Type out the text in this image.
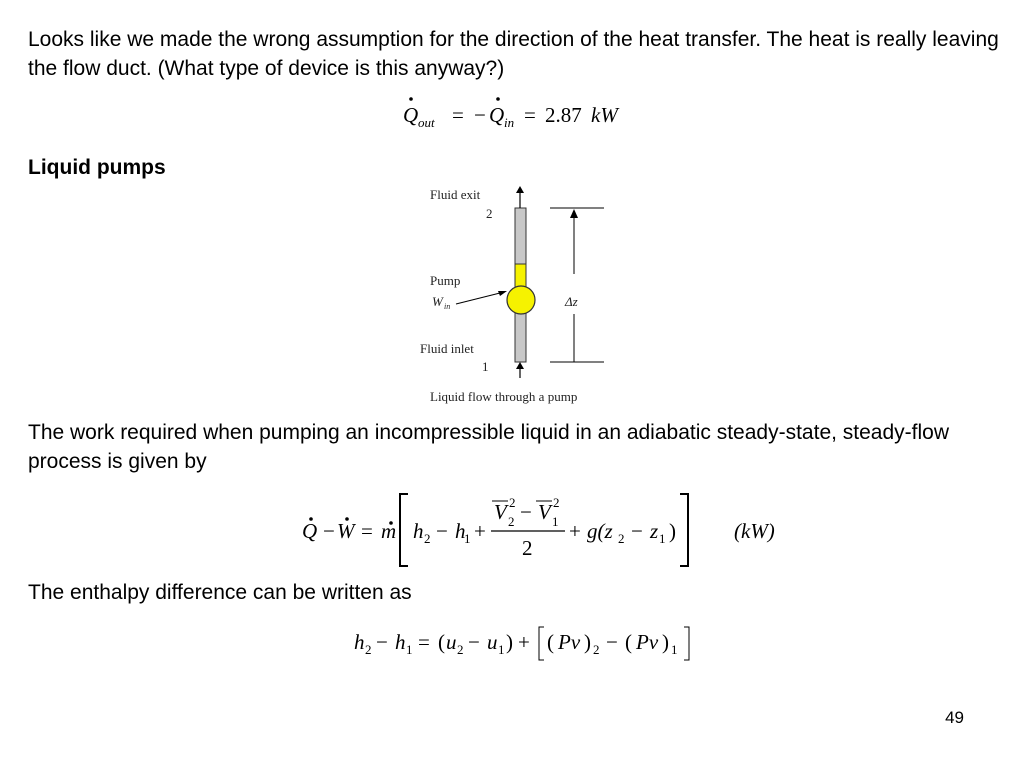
Looks like we made the wrong assumption for the direction of the heat transfer. The heat is really leaving the flow duct. (What type of device is this anyway?)
Q out = − Q in = 2.87 kW
Liquid pumps
Fluid exit
2
Pump
W in
Fluid inlet
1
Δz
Liquid flow through a pump
The work required when pumping an incompressible liquid in an adiabatic steady-state, steady-flow process is given by
Q − W = m h 2 − h
1 +
V 2
2 − V 2
1
2
+ g(z 2 − z 1 )	(kW)
The enthalpy difference can be written as
h 2 − h 1 = ( u 2 − u 1 ) + ( Pv ) 2 − ( Pv ) 1
49
